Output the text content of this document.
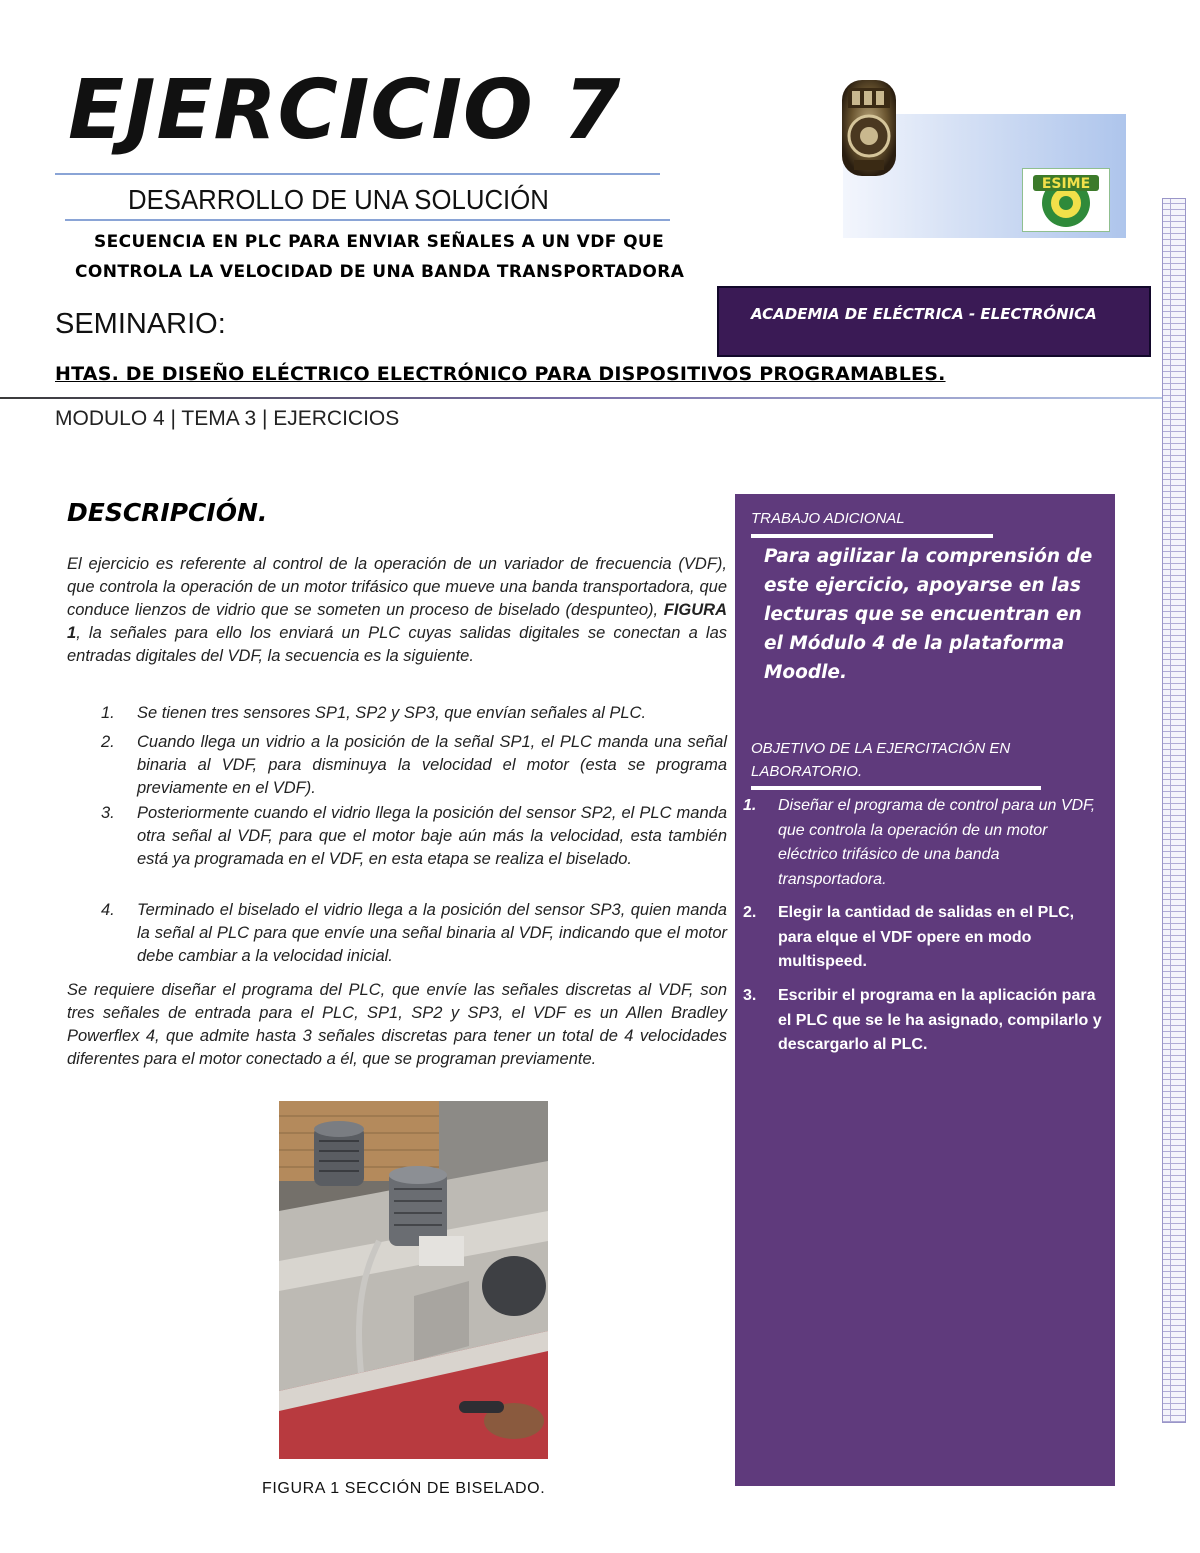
EJERCICIO 7
DESARROLLO DE UNA SOLUCIÓN
SECUENCIA EN PLC PARA ENVIAR SEÑALES A UN VDF QUE
CONTROLA LA VELOCIDAD DE UNA BANDA TRANSPORTADORA
ESIME
ACADEMIA DE ELÉCTRICA - ELECTRÓNICA
SEMINARIO:
HTAS. DE DISEÑO ELÉCTRICO ELECTRÓNICO PARA DISPOSITIVOS PROGRAMABLES.
MODULO 4 | TEMA 3 | EJERCICIOS
DESCRIPCIÓN.
El ejercicio es referente al control de la operación de un variador de frecuencia (VDF), que controla la operación de un motor trifásico que mueve una banda transportadora, que conduce lienzos de vidrio que se someten un proceso de biselado (despunteo), FIGURA 1, la señales para ello los enviará un PLC cuyas salidas digitales se conectan a las entradas digitales del VDF, la secuencia es la siguiente.
1.	Se tienen tres sensores SP1, SP2 y SP3, que envían señales al PLC.
2.	Cuando llega un vidrio a la posición de la señal SP1, el PLC manda una señal binaria al VDF, para disminuya la velocidad el motor (esta se programa previamente en el VDF).
3.	Posteriormente cuando el vidrio llega la posición del sensor SP2, el PLC manda otra señal al VDF, para que el motor baje aún más la velocidad, esta también está ya programada en el VDF, en esta etapa se realiza el biselado.
4.	Terminado el biselado el vidrio llega a la posición del sensor SP3, quien manda la señal al PLC para que envíe una señal binaria al VDF, indicando que el motor debe cambiar a la velocidad inicial.
Se requiere diseñar el programa del PLC, que envíe las señales discretas al VDF, son tres señales de entrada para el PLC, SP1, SP2 y SP3, el VDF es un Allen Bradley Powerflex 4, que admite hasta 3 señales discretas para tener un total de 4 velocidades diferentes para el motor conectado a él, que se programan previamente.
FIGURA 1 SECCIÓN DE BISELADO.
TRABAJO ADICIONAL
Para agilizar la comprensión de este ejercicio, apoyarse en las lecturas que se encuentran en el Módulo 4 de la plataforma Moodle.
OBJETIVO DE LA EJERCITACIÓN EN LABORATORIO.
1. Diseñar el programa de control para un VDF, que controla la operación de un motor eléctrico trifásico de una banda transportadora.
2. Elegir la cantidad de salidas en el PLC, para elque el VDF opere en modo multispeed.
3. Escribir el programa en la aplicación para el PLC que se le ha asignado, compilarlo y descargarlo al PLC.
